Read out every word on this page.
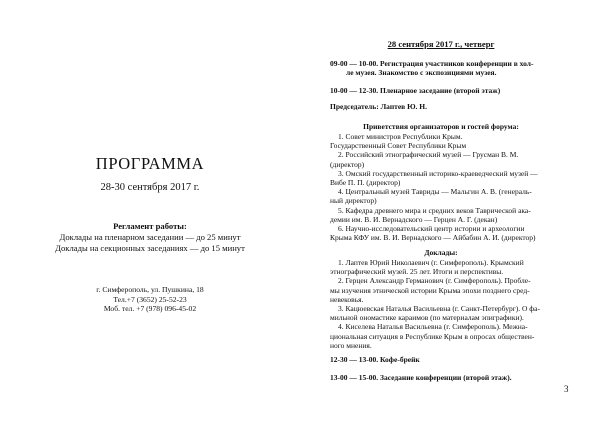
ПРОГРАММА
28-30 сентября 2017 г.
Регламент работы:
Доклады на пленарном заседании — до 25 минут
Доклады на секционных заседаниях — до 15 минут
г. Симферополь, ул. Пушкина, 18
Тел.+7 (3652) 25-52-23
Моб. тел. +7 (978) 096-45-02
28 сентября 2017 г., четверг
09-00 — 10-00. Регистрация участников конференции в хол-
ле музея. Знакомство с экспозициями музея.
10-00 — 12-30. Пленарное заседание (второй этаж)
Председатель: Лаптев Ю. Н.
Приветствия организаторов и гостей форума:
1. Совет министров Республики Крым.
Государственный Совет Республики Крым
2. Российский этнографический музей — Грусман В. М.
(директор)
3. Омский государственный историко-краеведческий музей —
Вибе П. П. (директор)
4. Центральный музей Тавриды — Мальгин А. В. (генераль-
ный директор)
5. Кафедра древнего мира и средних веков Таврической ака-
демии им. В. И. Вернадского — Герцен А. Г. (декан)
6. Научно-исследовательский центр истории и археологии
Крыма КФУ им. В. И. Вернадского — Айбабин А. И. (директор)
Доклады:
1. Лаптев Юрий Николаевич (г. Симферополь). Крымский
этнографический музей. 25 лет. Итоги и перспективы.
2. Герцен Александр Германович (г. Симферополь). Пробле-
мы изучения этнической истории Крыма эпохи позднего сред-
невековья.
3. Кацюевская Наталья Васильевна (г. Санкт-Петербург). О фа-
мильной ономастике караимов (по материалам эпиграфики).
4. Киселева Наталья Васильевна (г. Симферополь). Межна-
циональная ситуация в Республике Крым в опросах обществен-
ного мнения.
12-30 — 13-00. Кофе-брейк
13-00 — 15-00. Заседание конференции (второй этаж).
3
